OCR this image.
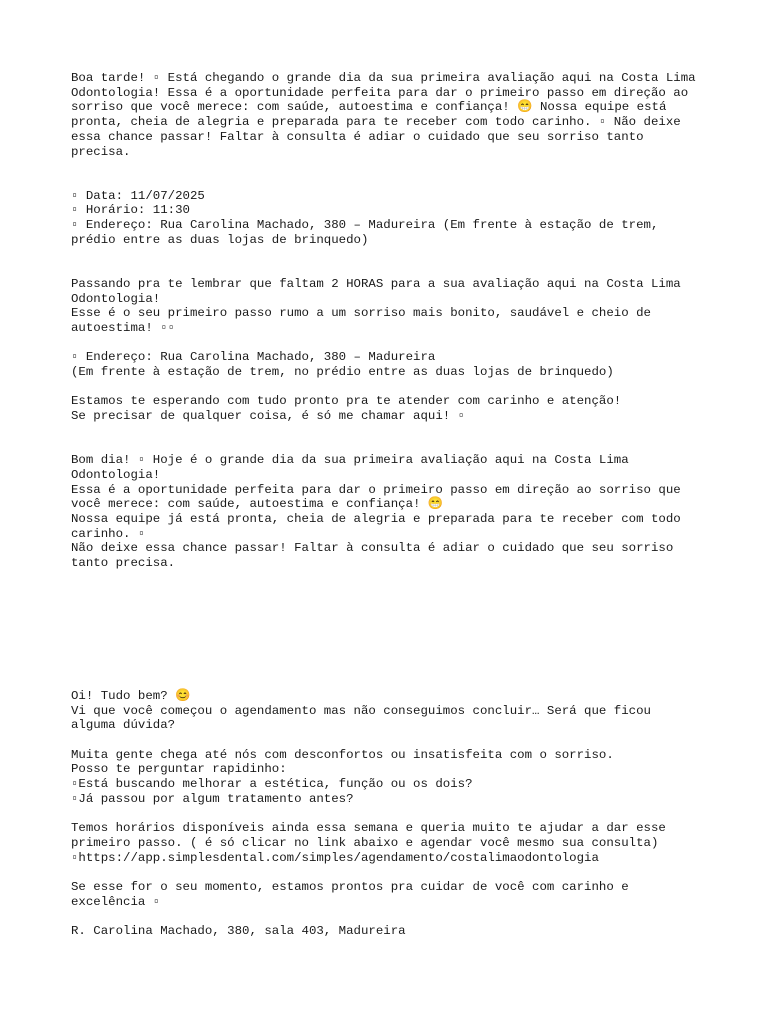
Boa tarde! ▫ Está chegando o grande dia da sua primeira avaliação aqui na Costa Lima

Odontologia! Essa é a oportunidade perfeita para dar o primeiro passo em direção ao

sorriso que você merece: com saúde, autoestima e confiança! 😁 Nossa equipe está

pronta, cheia de alegria e preparada para te receber com todo carinho. ▫ Não deixe

essa chance passar! Faltar à consulta é adiar o cuidado que seu sorriso tanto

precisa.

▫ Data: 11/07/2025

▫ Horário: 11:30

▫ Endereço: Rua Carolina Machado, 380 – Madureira (Em frente à estação de trem,

prédio entre as duas lojas de brinquedo)

Passando pra te lembrar que faltam 2 HORAS para a sua avaliação aqui na Costa Lima

Odontologia!

Esse é o seu primeiro passo rumo a um sorriso mais bonito, saudável e cheio de

autoestima! ▫▫

▫ Endereço: Rua Carolina Machado, 380 – Madureira

(Em frente à estação de trem, no prédio entre as duas lojas de brinquedo)

Estamos te esperando com tudo pronto pra te atender com carinho e atenção!

Se precisar de qualquer coisa, é só me chamar aqui! ▫

Bom dia! ▫ Hoje é o grande dia da sua primeira avaliação aqui na Costa Lima

Odontologia!

Essa é a oportunidade perfeita para dar o primeiro passo em direção ao sorriso que

você merece: com saúde, autoestima e confiança! 😁

Nossa equipe já está pronta, cheia de alegria e preparada para te receber com todo

carinho. ▫

Não deixe essa chance passar! Faltar à consulta é adiar o cuidado que seu sorriso

tanto precisa.

Oi! Tudo bem? 😊

Vi que você começou o agendamento mas não conseguimos concluir… Será que ficou

alguma dúvida?

Muita gente chega até nós com desconfortos ou insatisfeita com o sorriso.

Posso te perguntar rapidinho:

▫Está buscando melhorar a estética, função ou os dois?

▫Já passou por algum tratamento antes?

Temos horários disponíveis ainda essa semana e queria muito te ajudar a dar esse

primeiro passo. ( é só clicar no link abaixo e agendar você mesmo sua consulta)

▫https://app.simplesdental.com/simples/agendamento/costalimaodontologia

Se esse for o seu momento, estamos prontos pra cuidar de você com carinho e

excelência ▫

R. Carolina Machado, 380, sala 403, Madureira
